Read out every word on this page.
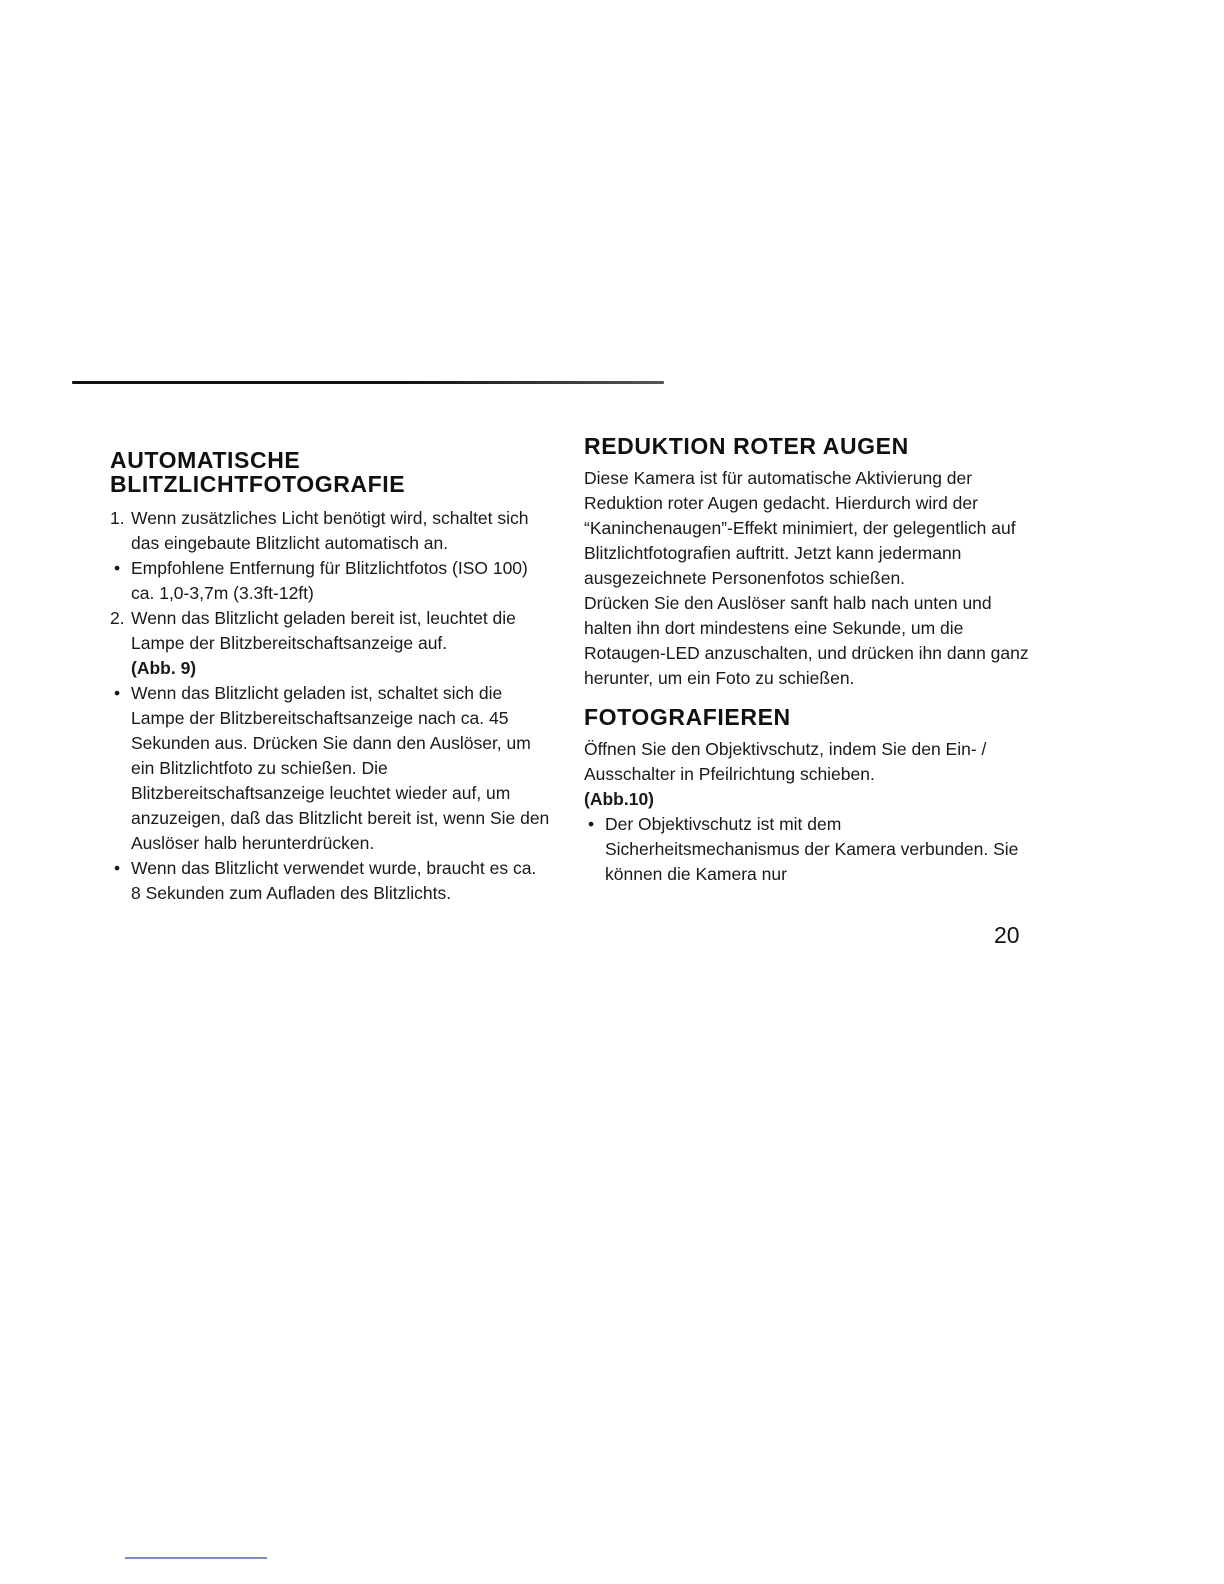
AUTOMATISCHE
BLITZLICHTFOTOGRAFIE
1. Wenn zusätzliches Licht benötigt wird, schaltet sich das eingebaute Blitzlicht automatisch an.
• Empfohlene Entfernung für Blitzlichtfotos (ISO 100) ca. 1,0-3,7m (3.3ft-12ft)
2. Wenn das Blitzlicht geladen bereit ist, leuchtet die Lampe der Blitzbereitschaftsanzeige auf.
(Abb. 9)
• Wenn das Blitzlicht geladen ist, schaltet sich die Lampe der Blitzbereitschaftsanzeige nach ca. 45 Sekunden aus. Drücken Sie dann den Auslöser, um ein Blitzlichtfoto zu schießen. Die Blitzbereitschaftsanzeige leuchtet wieder auf, um anzuzeigen, daß das Blitzlicht bereit ist, wenn Sie den Auslöser halb herunterdrücken.
• Wenn das Blitzlicht verwendet wurde, braucht es ca. 8 Sekunden zum Aufladen des Blitzlichts.
REDUKTION ROTER AUGEN

Diese Kamera ist für automatische Aktivierung der Reduktion roter Augen gedacht. Hierdurch wird der “Kaninchenaugen”-Effekt minimiert, der gelegentlich auf Blitzlichtfotografien auftritt. Jetzt kann jedermann ausgezeichnete Personenfotos schießen.

Drücken Sie den Auslöser sanft halb nach unten und halten ihn dort mindestens eine Sekunde, um die Rotaugen-LED anzuschalten, und drücken ihn dann ganz herunter, um ein Foto zu schießen.

FOTOGRAFIEREN

Öffnen Sie den Objektivschutz, indem Sie den Ein- / Ausschalter in Pfeilrichtung schieben.

(Abb.10)

• Der Objektivschutz ist mit dem Sicherheitsmechanismus der Kamera verbunden. Sie können die Kamera nur
20
